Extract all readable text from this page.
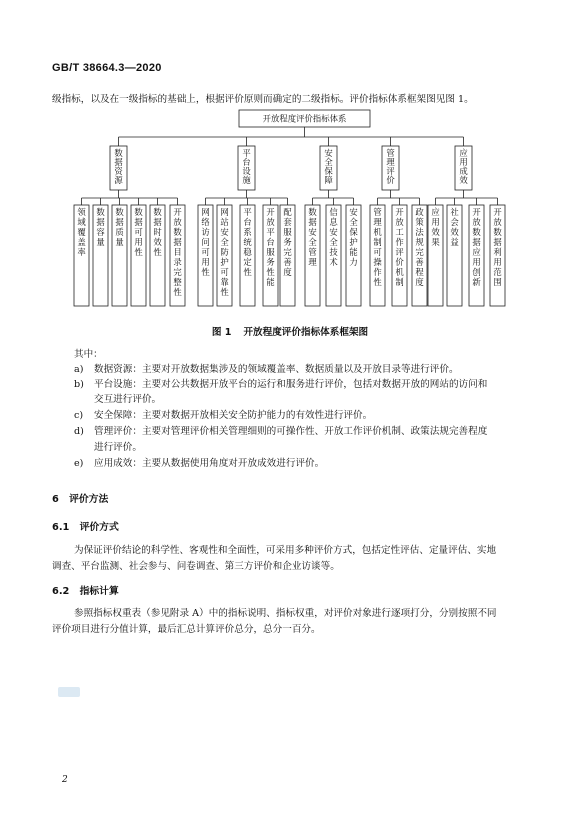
GB/T 38664.3—2020
级指标，以及在一级指标的基础上，根据评价原则而确定的二级指标。评价指标体系框架图见图 1。
开放程度评价指标体系
数据资源
领域覆盖率
数据容量
数据质量
数据可用性
数据时效性
开放数据目录完整性
平台设施
网络访问可用性
网站安全防护可靠性
平台系统稳定性
开放平台服务性能
配套服务完善度
安全保障
数据安全管理
信息安全技术
安全保护能力
管理评价
管理机制可操作性
开放工作评价机制
政策法规完善程度
应用成效
应用效果
社会效益
开放数据应用创新
开放数据利用范围
图 1 开放程度评价指标体系框架图
其中：
a) 数据资源：主要对开放数据集涉及的领域覆盖率、数据质量以及开放目录等进行评价。
b) 平台设施：主要对公共数据开放平台的运行和服务进行评价，包括对数据开放的网站的访问和
交互进行评价。
c) 安全保障：主要对数据开放相关安全防护能力的有效性进行评价。
d) 管理评价：主要对管理评价相关管理细则的可操作性、开放工作评价机制、政策法规完善程度
进行评价。
e) 应用成效：主要从数据使用角度对开放成效进行评价。
6 评价方法
6.1 评价方式
为保证评价结论的科学性、客观性和全面性，可采用多种评价方式，包括定性评估、定量评估、实地
调查、平台监测、社会参与、问卷调查、第三方评价和企业访谈等。
6.2 指标计算
参照指标权重表（参见附录 A）中的指标说明、指标权重，对评价对象进行逐项打分，分别按照不同
评价项目进行分值计算，最后汇总计算评价总分，总分一百分。
2
